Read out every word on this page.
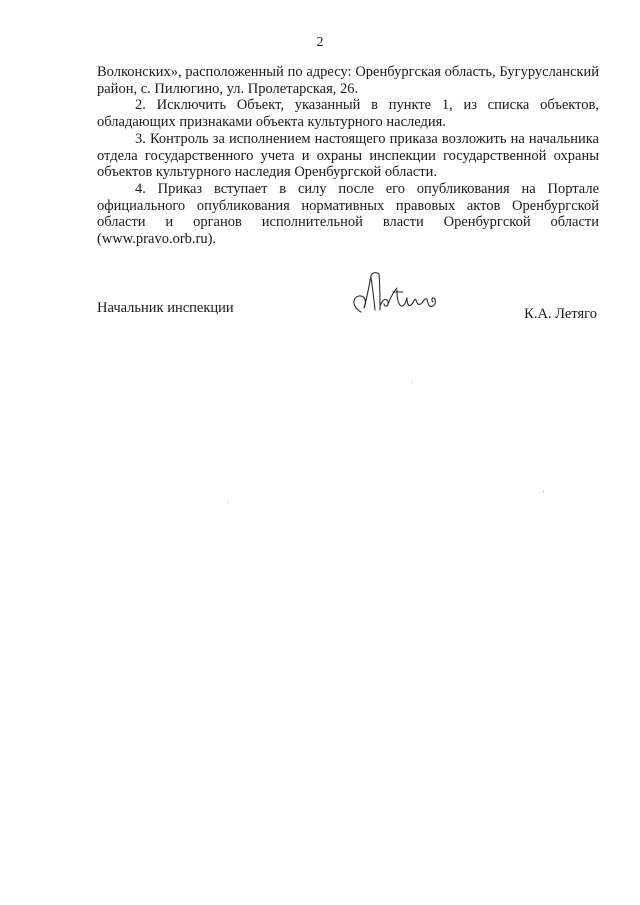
2

Волконских», расположенный по адресу: Оренбургская область, Бугурусланский район, с. Пилюгино, ул. Пролетарская, 26.

2. Исключить Объект, указанный в пункте 1, из списка объектов, обладающих признаками объекта культурного наследия.

3. Контроль за исполнением настоящего приказа возложить на начальника отдела государственного учета и охраны инспекции государственной охраны объектов культурного наследия Оренбургской области.

4. Приказ вступает в силу после его опубликования на Портале официального опубликования нормативных правовых актов Оренбургской области и органов исполнительной власти Оренбургской области (www.pravo.orb.ru).

Начальник инспекции	К.А. Летяго
